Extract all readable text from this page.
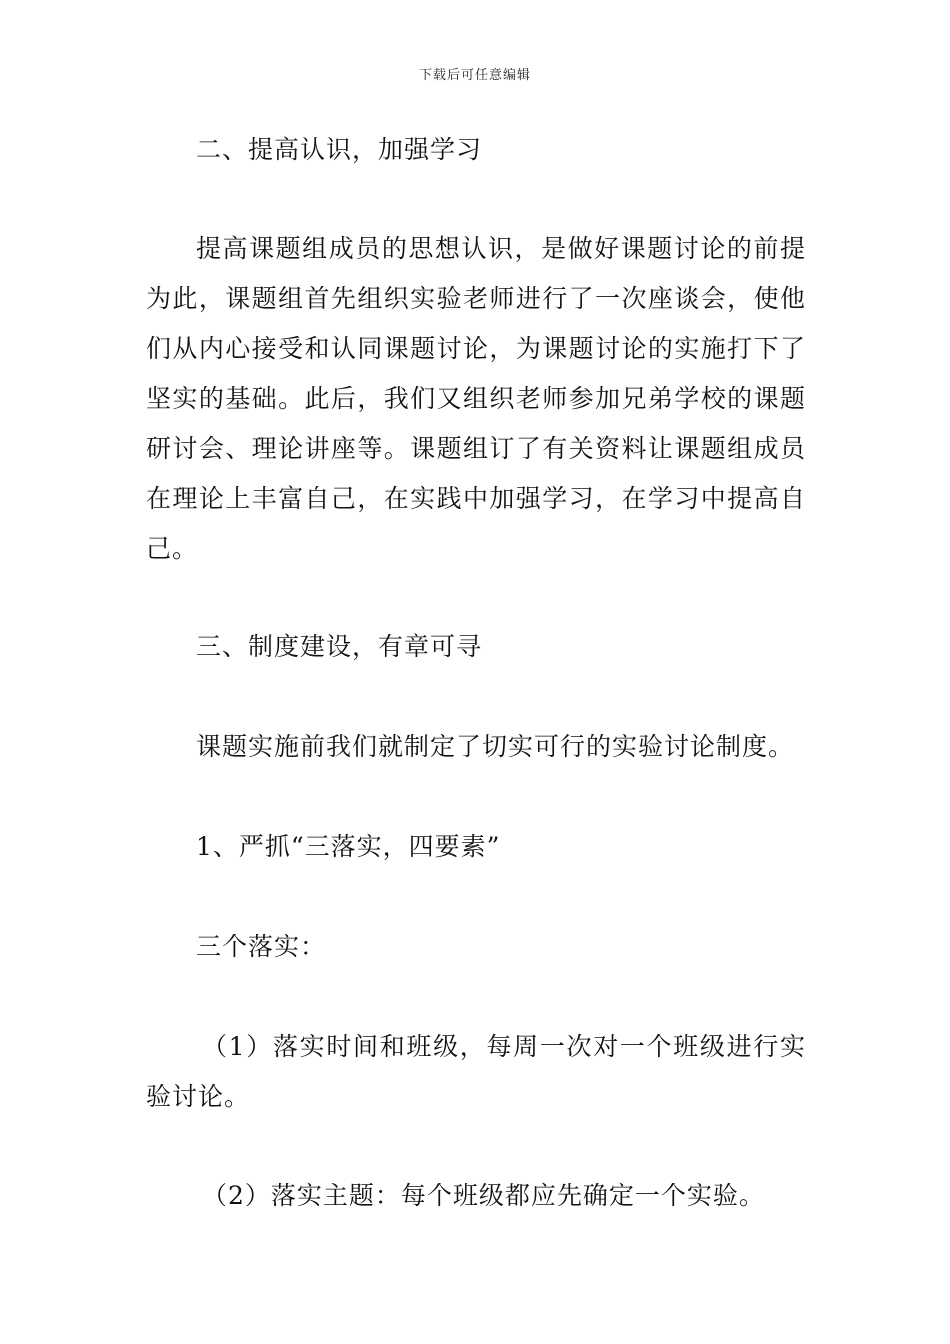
下载后可任意编辑

二、提高认识，加强学习

提高课题组成员的思想认识，是做好课题讨论的前提为此，课题组首先组织实验老师进行了一次座谈会，使他们从内心接受和认同课题讨论，为课题讨论的实施打下了坚实的基础。此后，我们又组织老师参加兄弟学校的课题研讨会、理论讲座等。课题组订了有关资料让课题组成员在理论上丰富自己，在实践中加强学习，在学习中提高自己。

三、制度建设，有章可寻

课题实施前我们就制定了切实可行的实验讨论制度。

1、严抓“三落实，四要素”

三个落实：

（1）落实时间和班级，每周一次对一个班级进行实验讨论。

（2）落实主题：每个班级都应先确定一个实验。
